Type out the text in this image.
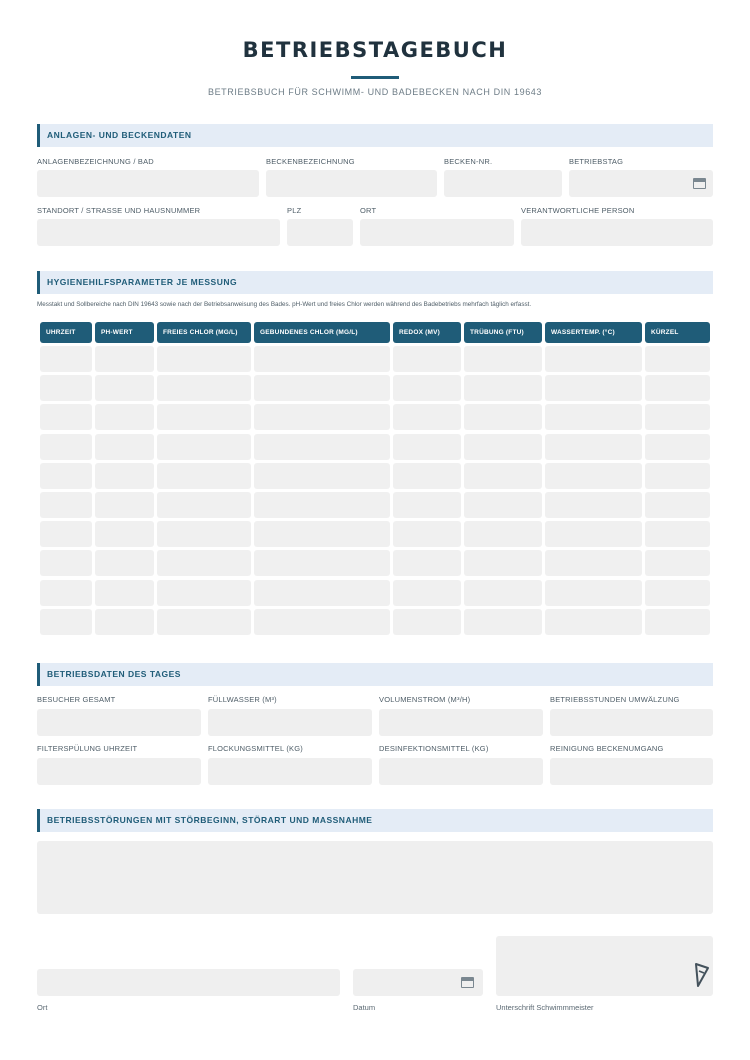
BETRIEBSTAGEBUCH
BETRIEBSBUCH FÜR SCHWIMM- UND BADEBECKEN NACH DIN 19643
ANLAGEN- UND BECKENDATEN
ANLAGENBEZEICHNUNG / BAD	BECKENBEZEICHNUNG	BECKEN-NR.	BETRIEBSTAG
STANDORT / STRASSE UND HAUSNUMMER	PLZ	ORT	VERANTWORTLICHE PERSON
HYGIENEHILFSPARAMETER JE MESSUNG
Messtakt und Sollbereiche nach DIN 19643 sowie nach der Betriebsanweisung des Bades. pH-Wert und freies Chlor werden während des Badebetriebs mehrfach täglich erfasst.
UHRZEIT	PH-WERT	FREIES CHLOR (MG/L)	GEBUNDENES CHLOR (MG/L)	REDOX (MV)	TRÜBUNG (FTU)	WASSERTEMP. (°C)	KÜRZEL
BETRIEBSDATEN DES TAGES
BESUCHER GESAMT	FÜLLWASSER (M³)	VOLUMENSTROM (M³/H)	BETRIEBSSTUNDEN UMWÄLZUNG
FILTERSPÜLUNG UHRZEIT	FLOCKUNGSMITTEL (KG)	DESINFEKTIONSMITTEL (KG)	REINIGUNG BECKENUMGANG
BETRIEBSSTÖRUNGEN MIT STÖRBEGINN, STÖRART UND MASSNAHME
Ort	Datum	Unterschrift Schwimmmeister
